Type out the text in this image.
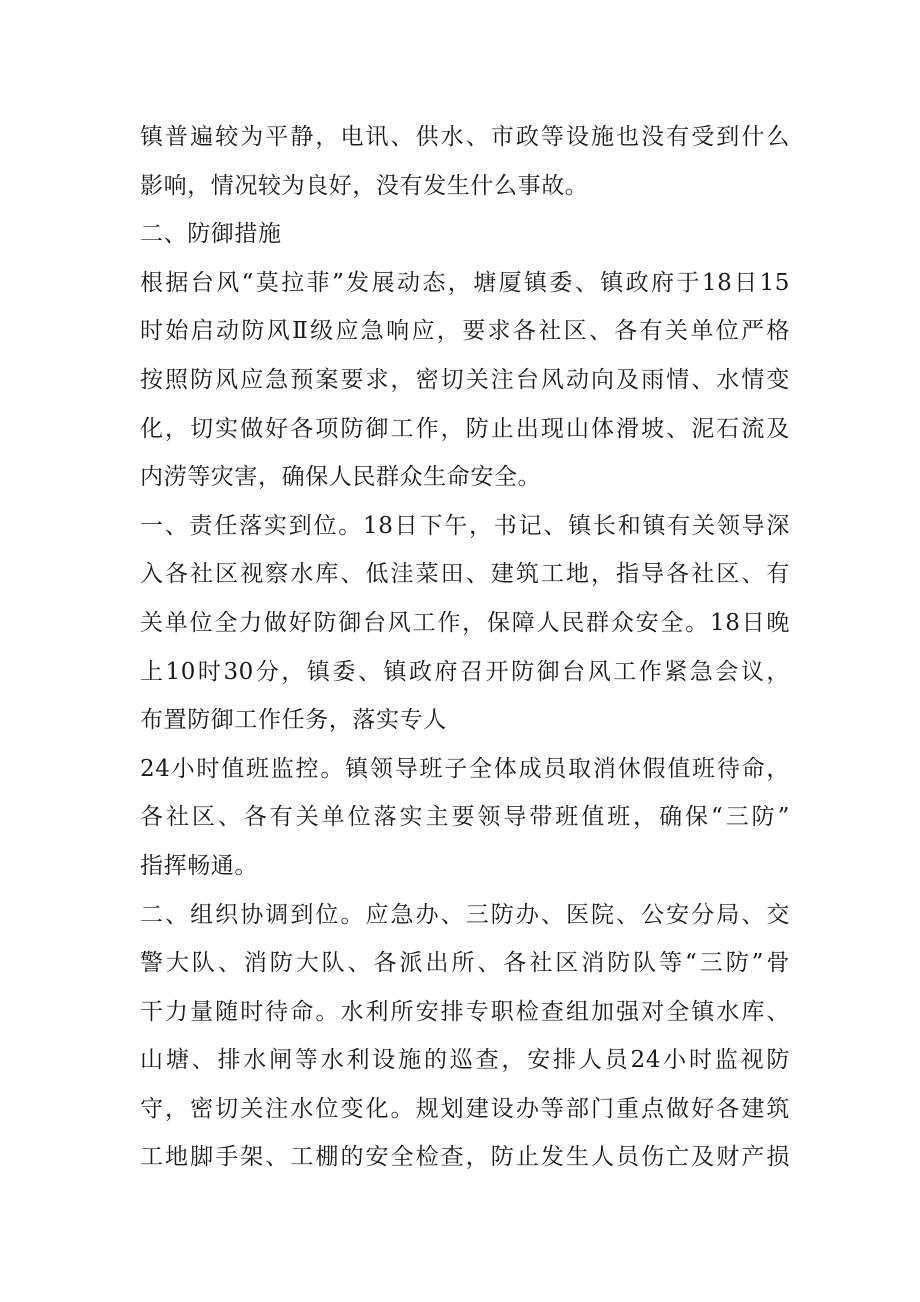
镇普遍较为平静，电讯、供水、市政等设施也没有受到什么
影响，情况较为良好，没有发生什么事故。
二、防御措施
根据台风“莫拉菲”发展动态，塘厦镇委、镇政府于18日15
时始启动防风Ⅱ级应急响应，要求各社区、各有关单位严格
按照防风应急预案要求，密切关注台风动向及雨情、水情变
化，切实做好各项防御工作，防止出现山体滑坡、泥石流及
内涝等灾害，确保人民群众生命安全。
一、责任落实到位。18日下午，书记、镇长和镇有关领导深
入各社区视察水库、低洼菜田、建筑工地，指导各社区、有
关单位全力做好防御台风工作，保障人民群众安全。18日晚
上10时30分，镇委、镇政府召开防御台风工作紧急会议，
布置防御工作任务，落实专人
24小时值班监控。镇领导班子全体成员取消休假值班待命，
各社区、各有关单位落实主要领导带班值班，确保“三防”
指挥畅通。
二、组织协调到位。应急办、三防办、医院、公安分局、交
警大队、消防大队、各派出所、各社区消防队等“三防”骨
干力量随时待命。水利所安排专职检查组加强对全镇水库、
山塘、排水闸等水利设施的巡查，安排人员24小时监视防
守，密切关注水位变化。规划建设办等部门重点做好各建筑
工地脚手架、工棚的安全检查，防止发生人员伤亡及财产损
